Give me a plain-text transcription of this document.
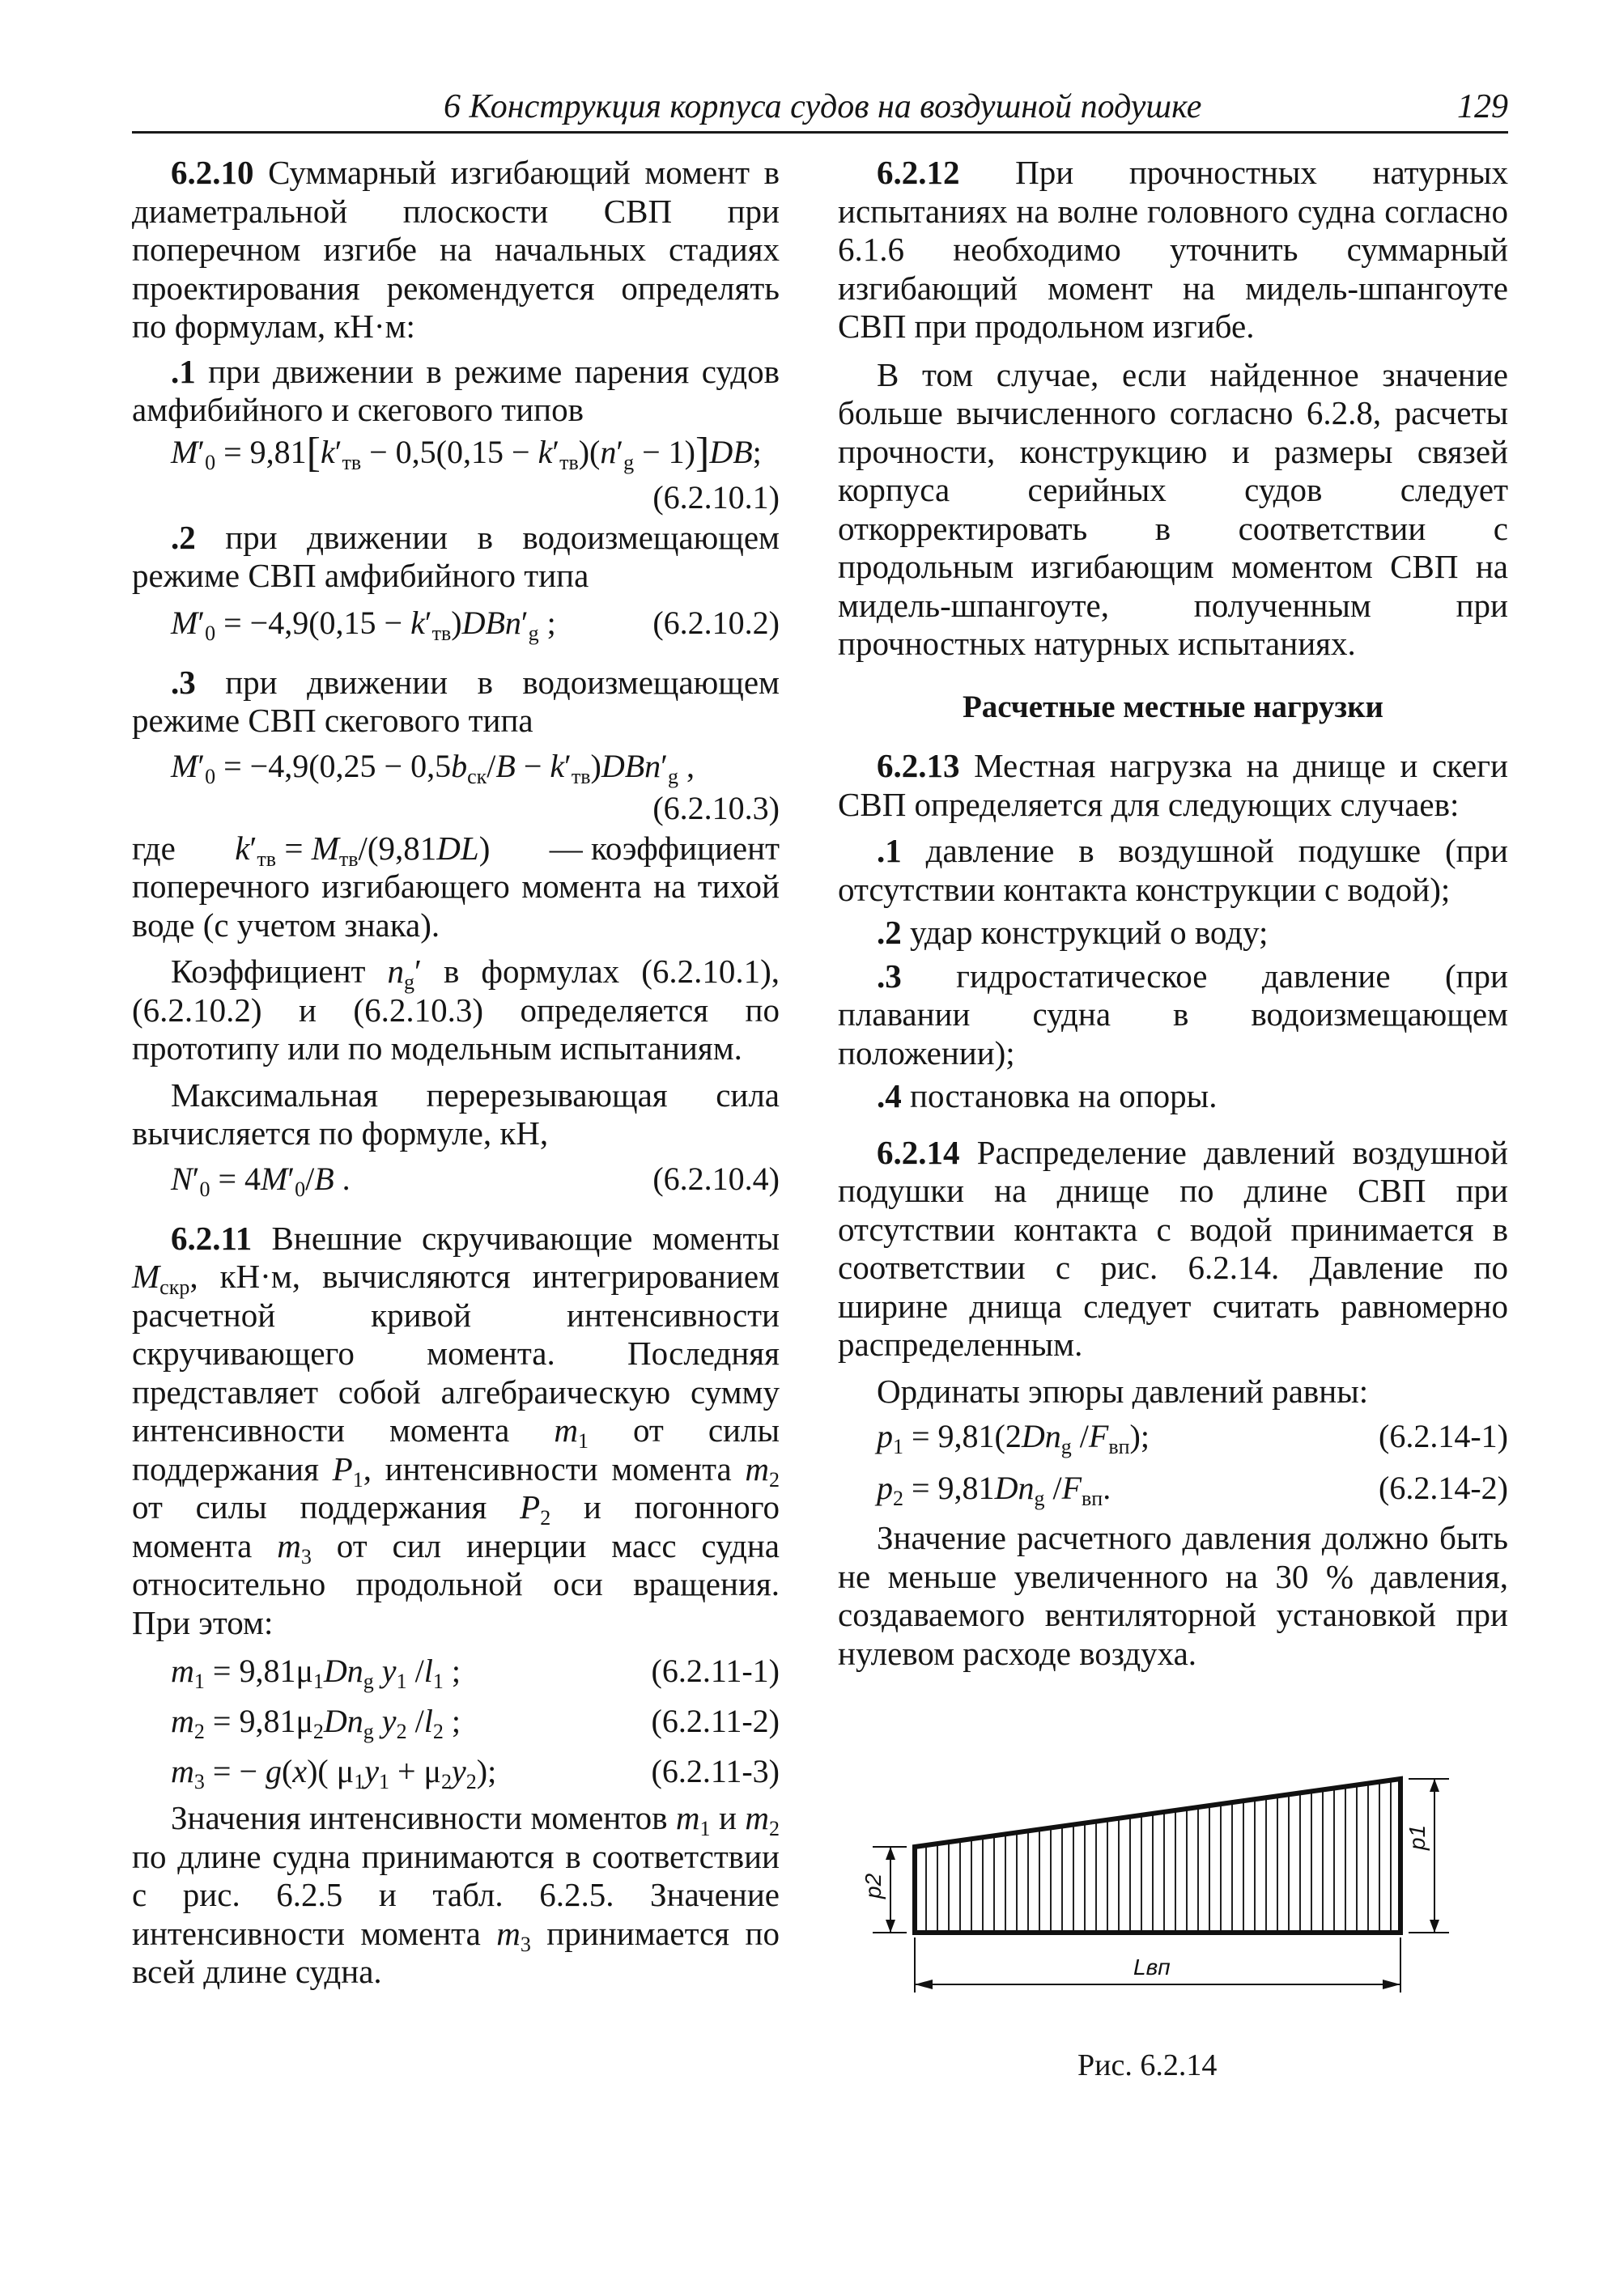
6 Конструкция корпуса судов на воздушной подушке	129

6.2.10 Суммарный изгибающий момент в диаметральной плоскости СВП при поперечном изгибе на начальных стадиях проектирования рекомендуется определять по формулам, кН·м:

.1 при движении в режиме парения судов амфибийного и скегового типов

$M'_0 = 9,81[k'_{тв} - 0,5(0,15 - k'_{тв})(n'_g - 1)]DB$;
(6.2.10.1)

.2 при движении в водоизмещающем режиме СВП амфибийного типа

$M'_0 = -4,9(0,15 - k'_{тв})DBn'_g$ ;	(6.2.10.2)

.3 при движении в водоизмещающем режиме СВП скегового типа

$M'_0 = -4,9(0,25 - 0,5b_{ск}/B - k'_{тв})DBn'_g$ ,
(6.2.10.3)
где $k'_{тв} = M_{тв}/(9,81DL)$ — коэффициент

поперечного изгибающего момента на тихой воде (с учетом знака).

Коэффициент $n_g'$ в формулах (6.2.10.1), (6.2.10.2) и (6.2.10.3) определяется по прототипу или по модельным испытаниям.

Максимальная перерезывающая сила вычисляется по формуле, кН,

$N'_0 = 4M'_0/B$ .	(6.2.10.4)

6.2.11 Внешние скручивающие моменты $M_{скр}$, кН·м, вычисляются интегрированием расчетной кривой интенсивности скручивающего момента. Последняя представляет собой алгебраическую сумму интенсивности момента $m_1$ от силы поддержания $P_1$, интенсивности момента $m_2$ от силы поддержания $P_2$ и погонного момента $m_3$ от сил инерции масс судна относительно продольной оси вращения. При этом:

$m_1 = 9,81\mu_1Dn_g$ $y_1$ $/l_1$ ;	(6.2.11-1)
$m_2 = 9,81\mu_2Dn_g$ $y_2$ $/l_2$ ;	(6.2.11-2)
$m_3$ = − g(x)( $\mu_1y_1 + \mu_2y_2$);	(6.2.11-3)

Значения интенсивности моментов $m_1$ и $m_2$ по длине судна принимаются в соответствии с рис. 6.2.5 и табл. 6.2.5. Значение интенсивности момента $m_3$ принимается по всей длине судна.

6.2.12 При прочностных натурных испытаниях на волне головного судна согласно 6.1.6 необходимо уточнить суммарный изгибающий момент на мидель-шпангоуте СВП при продольном изгибе.

В том случае, если найденное значение больше вычисленного согласно 6.2.8, расчеты прочности, конструкцию и размеры связей корпуса серийных судов следует откорректировать в соответствии с продольным изгибающим моментом СВП на мидель-шпангоуте, полученным при прочностных натурных испытаниях.

Расчетные местные нагрузки

6.2.13 Местная нагрузка на днище и скеги СВП определяется для следующих случаев:

.1 давление в воздушной подушке (при отсутствии контакта конструкции с водой);

.2 удар конструкций о воду;

.3 гидростатическое давление (при плавании судна в водоизмещающем положении);

.4 постановка на опоры.

6.2.14 Распределение давлений воздушной подушки на днище по длине СВП при отсутствии контакта с водой принимается в соответствии с рис. 6.2.14. Давление по ширине днища следует считать равномерно распределенным.

Ординаты эпюры давлений равны:

$p_1 = 9,81(2Dn_g$ $/F_{вп}$);	(6.2.14-1)
$p_2 = 9,81Dn_g$ $/F_{вп}$.	(6.2.14-2)

Значение расчетного давления должно быть не меньше увеличенного на 30 % давления, создаваемого вентиляторной установкой при нулевом расходе воздуха.

p2
p1
Lвп
Рис. 6.2.14
